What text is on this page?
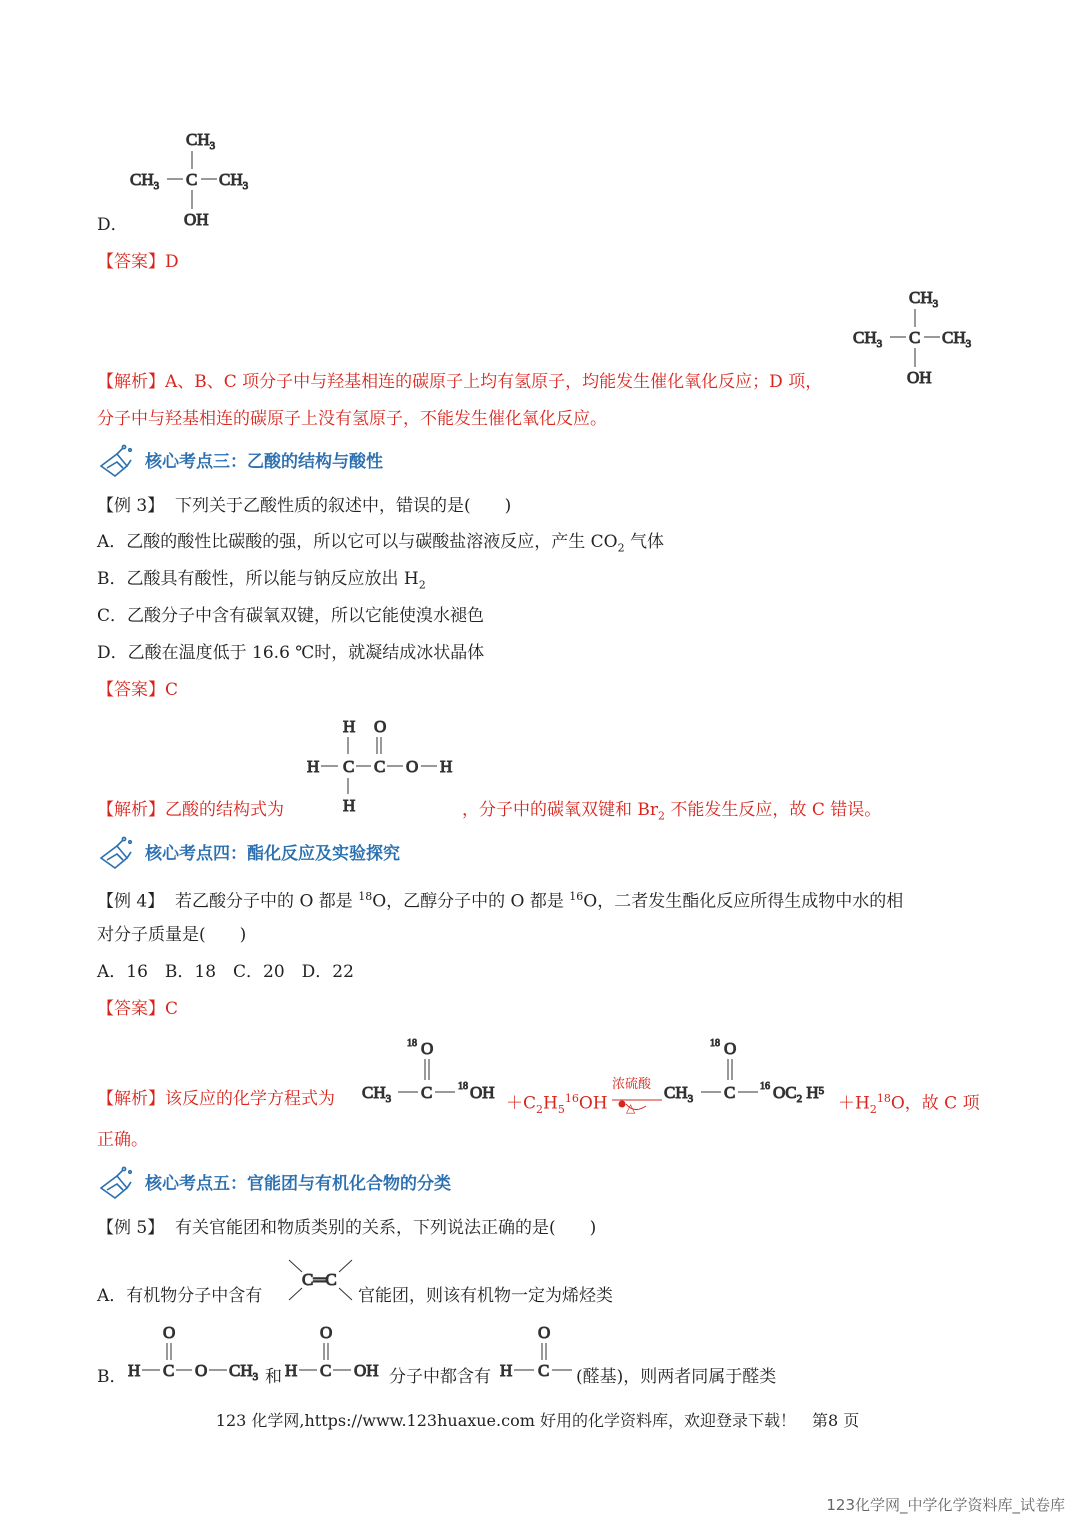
$CH_3$
$CH_3$ C $CH_3$
OH
D．
【答案】D
$CH_3$
$CH_3$ C $CH_3$
OH
【解析】A、B、C 项分子中与羟基相连的碳原子上均有氢原子，均能发生催化氧化反应；D 项，
分子中与羟基相连的碳原子上没有氢原子，不能发生催化氧化反应。
核心考点三：乙酸的结构与酸性
【例 3】 下列关于乙酸性质的叙述中，错误的是(　　)
A．乙酸的酸性比碳酸的强，所以它可以与碳酸盐溶液反应，产生 $CO_2$ 气体
B．乙酸具有酸性，所以能与钠反应放出 $H_2$
C．乙酸分子中含有碳氧双键，所以它能使溴水褪色
D．乙酸在温度低于 16.6 ℃时，就凝结成冰状晶体
【答案】C
H O
H C C O H
H
【解析】乙酸的结构式为	，分子中的碳氧双键和 $Br_2$ 不能发生反应，故 C 错误。
核心考点四：酯化反应及实验探究
【例 4】 若乙酸分子中的 O 都是 $^{18}$O，乙醇分子中的 O 都是 $^{16}$O，二者发生酯化反应所得生成物中水的相
对分子质量是(　　)
A．16　B．18　C．20　D．22
【答案】C
【解析】该反应的化学方程式为
18 O
$CH_3$ C	18 OH
$+C_2H_5^{16}OH$
浓硫酸
△
18 O
$CH_3$ C 16 $OC_2$ $H^5$
$+H_2^{18}O$，故 C 项
正确。
核心考点五：官能团与有机化合物的分类
【例 5】 有关官能团和物质类别的关系，下列说法正确的是(　　)
A．有机物分子中含有
C═C
官能团，则该有机物一定为烯烃类
B．
O
H C O $CH_3$ 和
O
H C OH 分子中都含有
O
H C (醛基)，则两者同属于醛类
123 化学网,https://www.123huaxue.com 好用的化学资料库，欢迎登录下载！　第8 页
123化学网_中学化学资料库_试卷库
